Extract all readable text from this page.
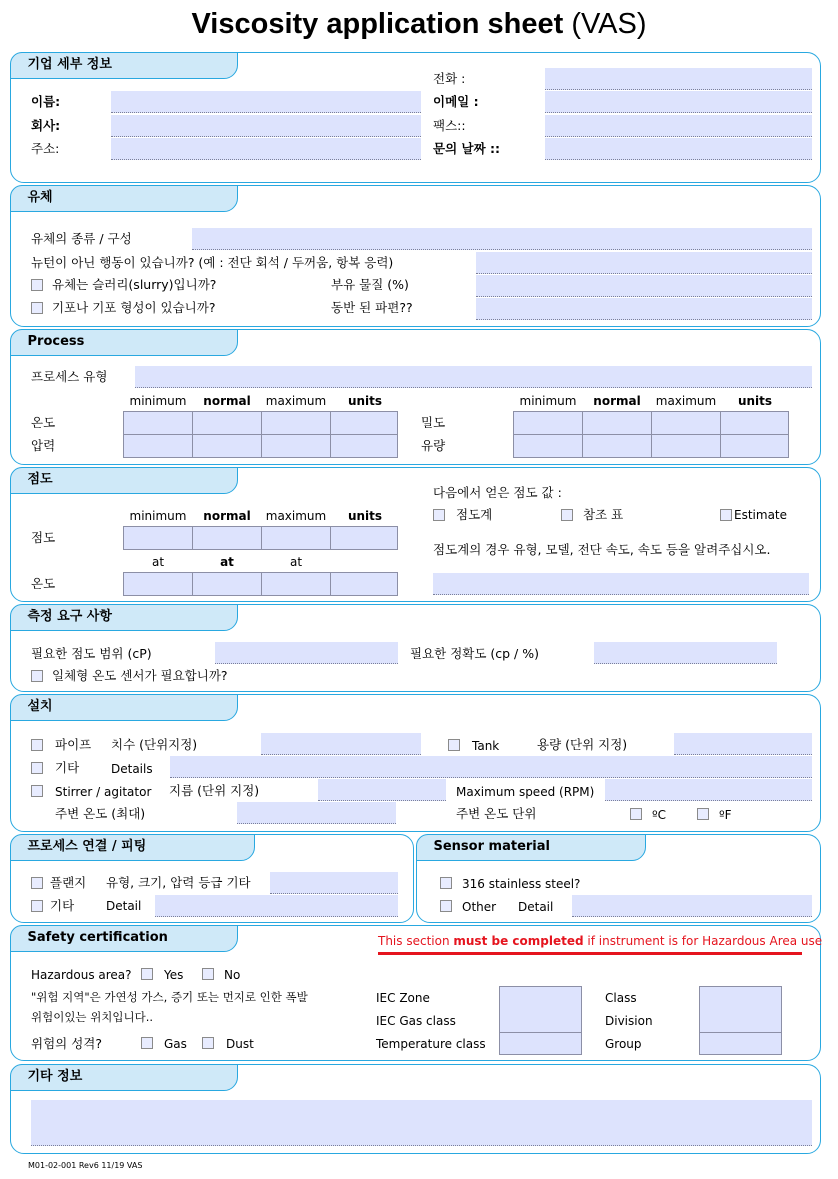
Viscosity application sheet (VAS)
기업 세부 정보
이름:
회사:
주소:
전화 :
이메일 :
팩스::
문의 날짜 ::
유체
유체의 종류 / 구성
뉴턴이 아닌 행동이 있습니까? (예 : 전단 회석 / 두꺼움, 항복 응력)
유체는 슬러리(slurry)입니까?	부유 물질 (%)
기포나 기포 형성이 있습니까?	동반 된 파편??
Process
프로세스 유형
minimum	normal	maximum	units	minimum	normal	maximum	units
온도
압력
밀도
유량
점도
minimum	normal	maximum	units
점도
at	at	at
온도
다음에서 얻은 점도 값 :
점도계	참조 표	Estimate
점도계의 경우 유형, 모델, 전단 속도, 속도 등을 알려주십시오.
측정 요구 사항
필요한 점도 범위 (cP)	필요한 정확도 (cp / %)
일체형 온도 센서가 필요합니까?
설치
파이프 치수 (단위지정)	Tank	용량 (단위 지정)
기타	Details
Stirrer / agitator 지름 (단위 지정)	Maximum speed (RPM)
주변 온도 (최대)	주변 온도 단위	ºC	ºF
프로세스 연결 / 피팅
플랜지 유형, 크기, 압력 등급 기타
기타	Detail
Sensor material
316 stainless steel?
Other Detail
Safety certification	This section must be completed if instrument is for Hazardous Area use
Hazardous area?	Yes	No
"위험 지역"은 가연성 가스, 증기 또는 먼지로 인한 폭발
위험이있는 위치입니다..
위험의 성격?	Gas	Dust
IEC Zone
IEC Gas class
Temperature class
Class
Division
Group
기타 정보
M01-02-001 Rev6 11/19 VAS
